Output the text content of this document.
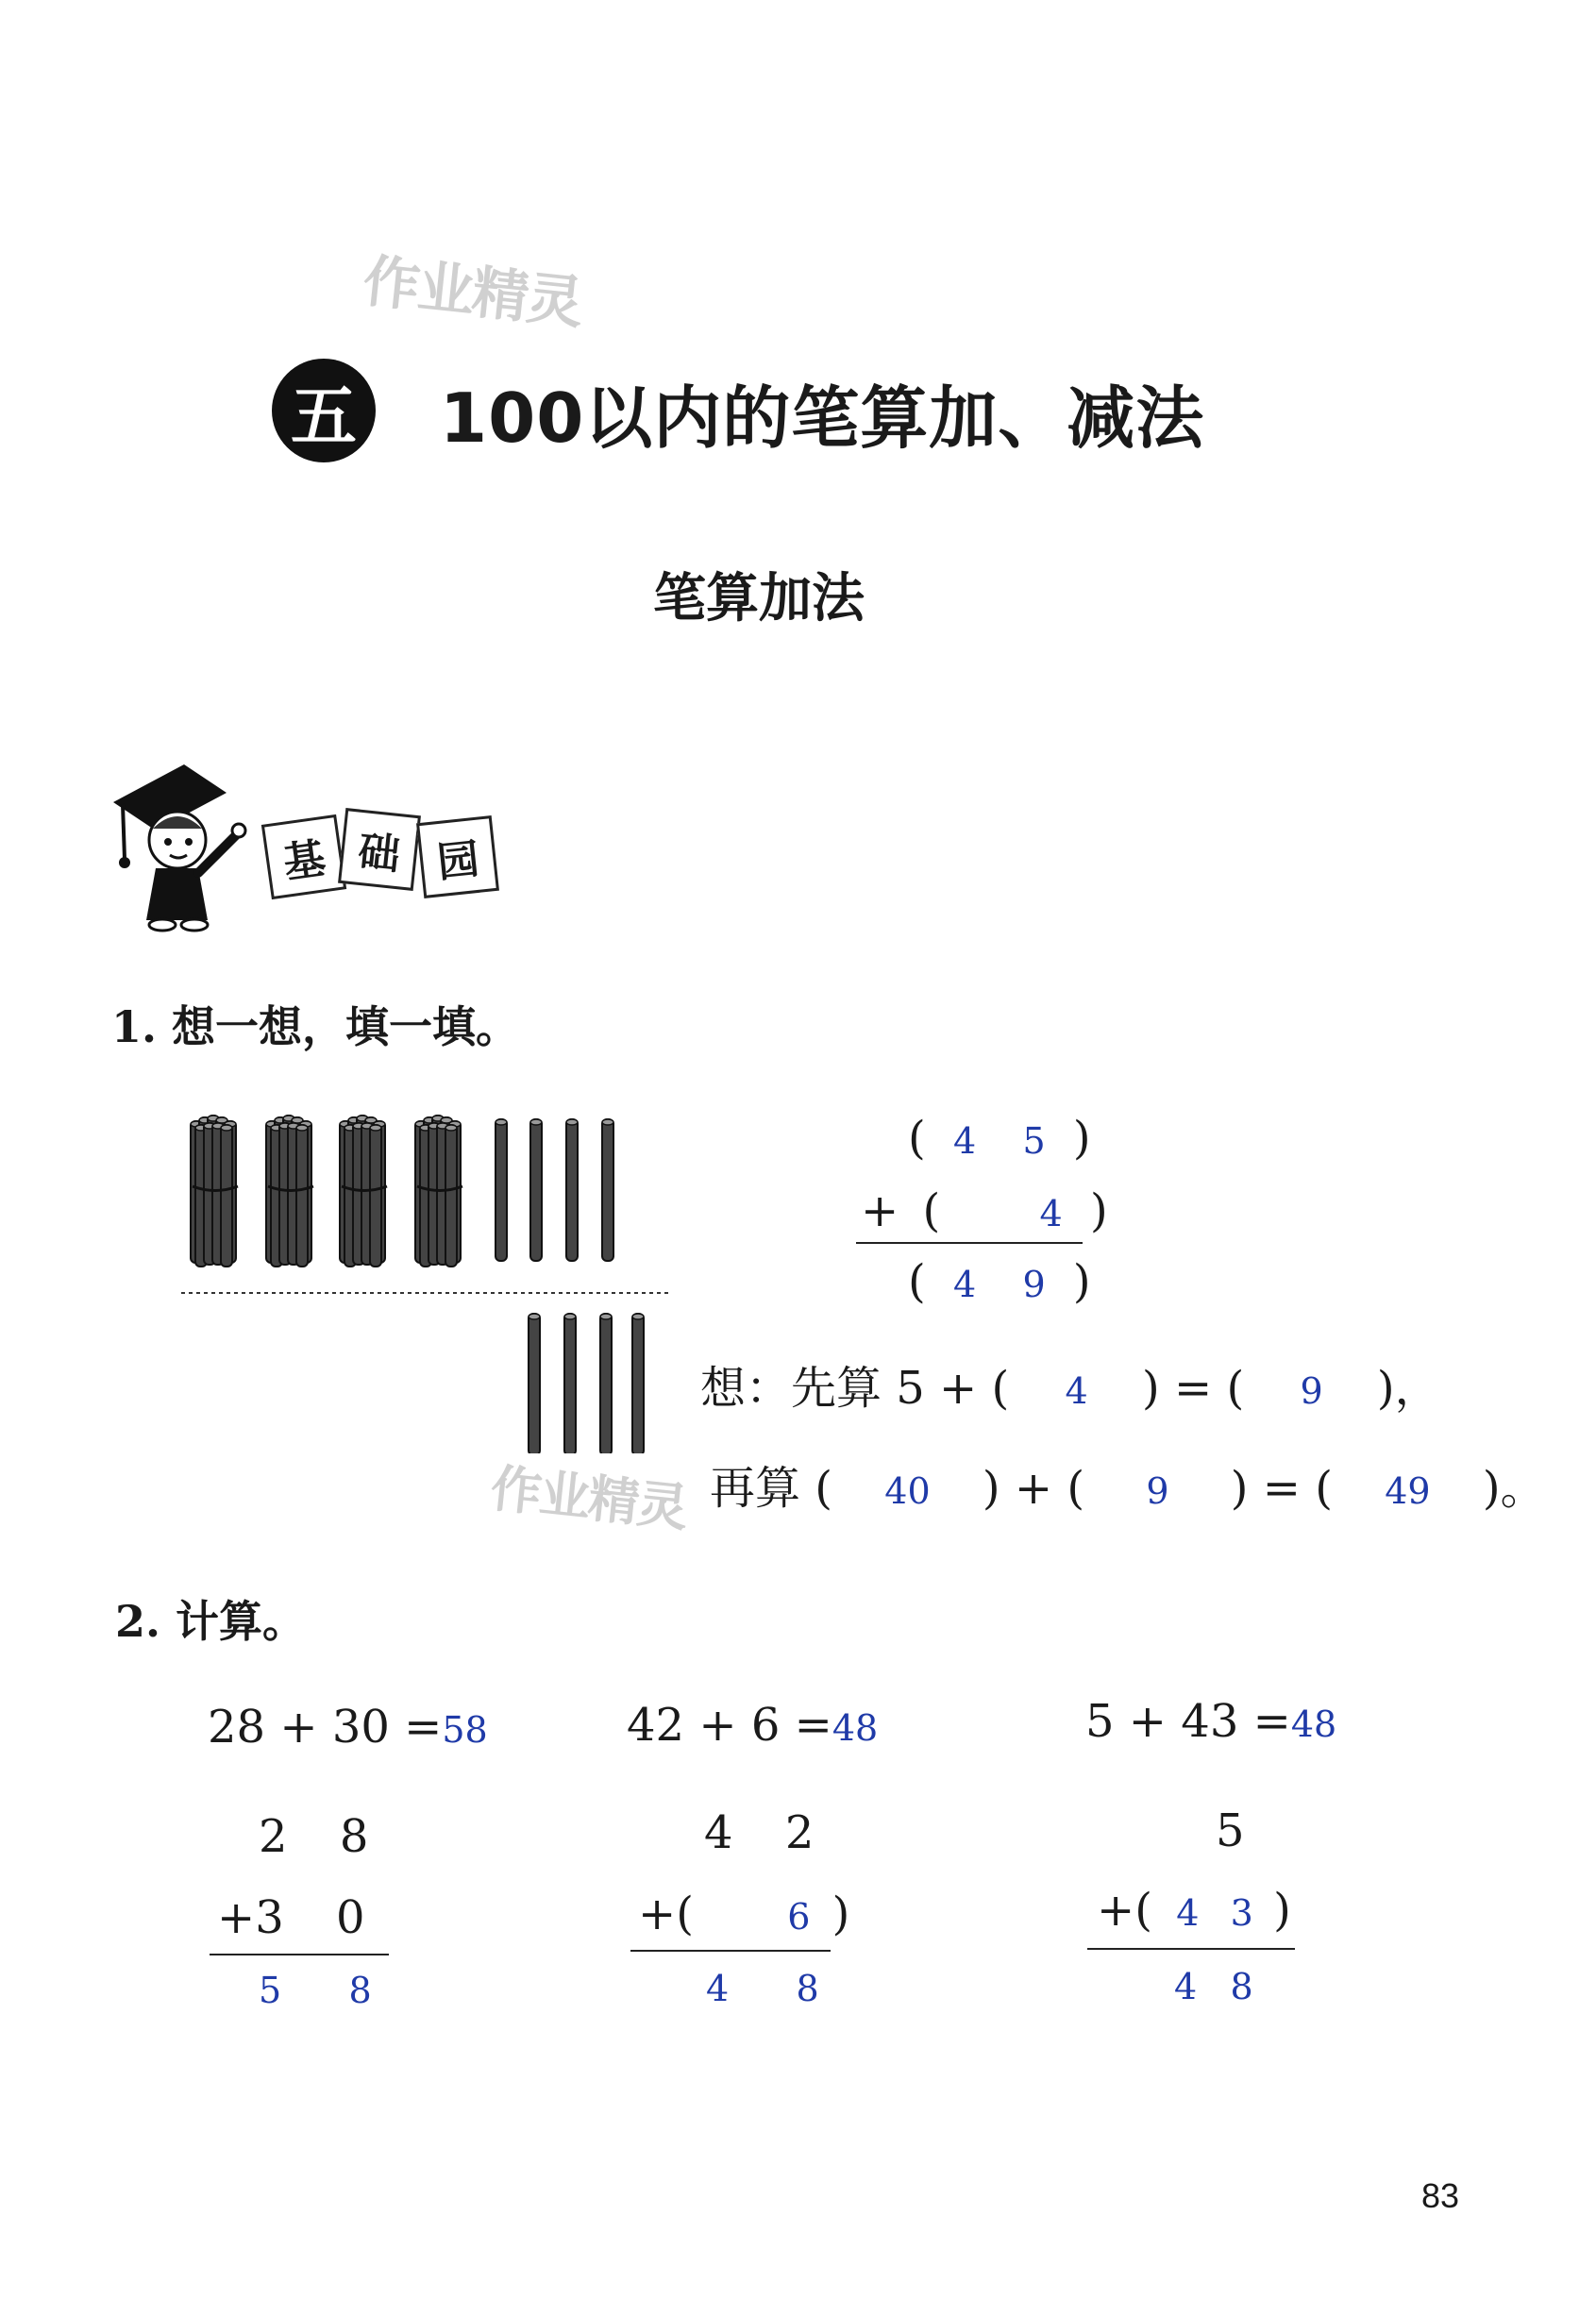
作业精灵
作业精灵
五 100以内的笔算加、减法
笔算加法
基 础 园
1. 想一想，填一填。
( 4 5 )
+ (	4 )
( 4 9 )
想：先算 5 + ( 4 ) = ( 9 )，
再算 ( 40 ) + ( 9 ) = ( 49 )。
2. 计算。
28 + 30 =58
2 8
+3 0
5 8
42 + 6 =48
4 2
+(	6 )
4 8
5 + 43 =48
5
+( 4 3 )
4 8
83
